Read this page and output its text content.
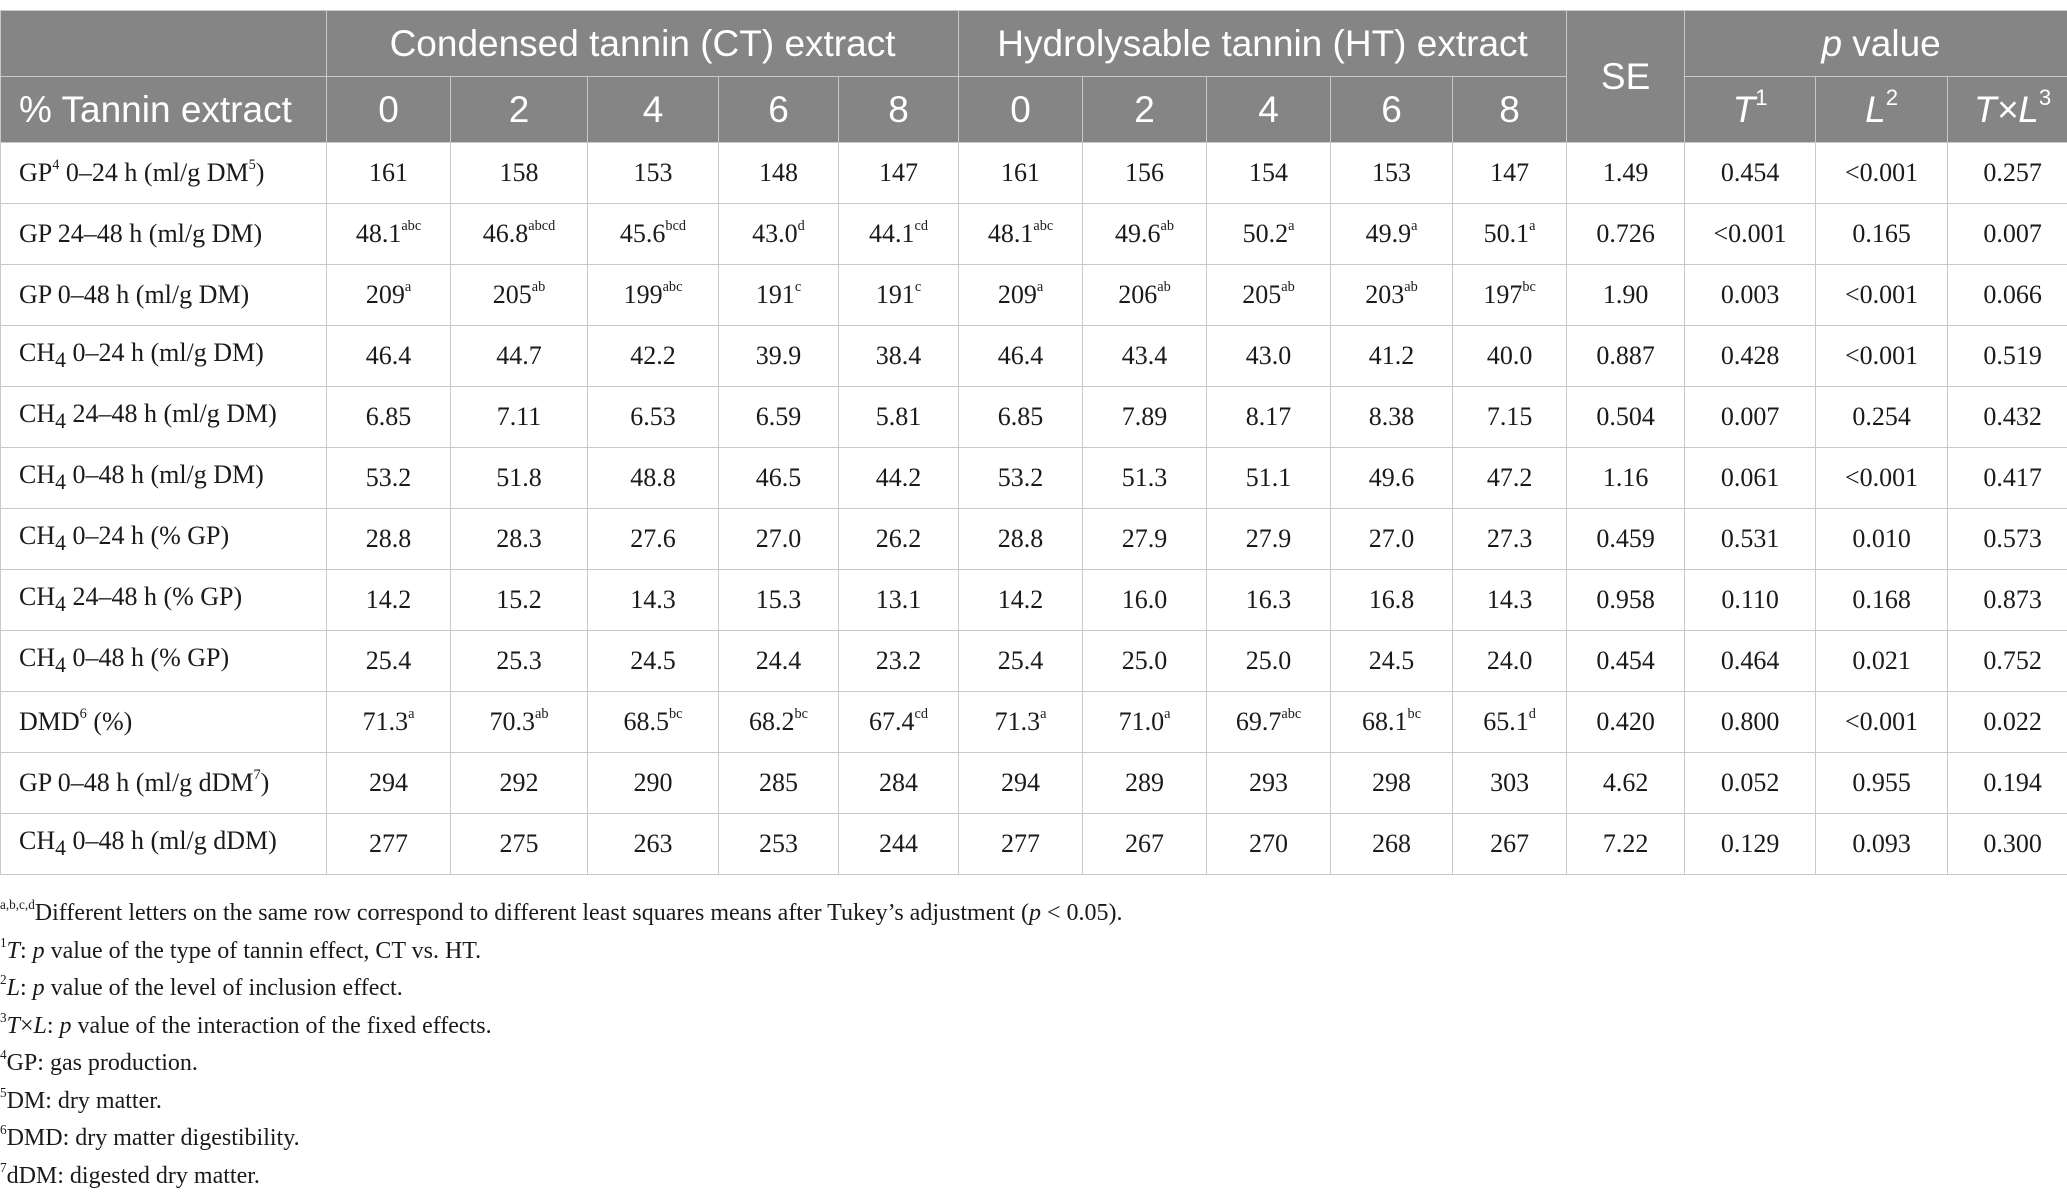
	Condensed tannin (CT) extract					Hydrolysable tannin (HT) extract					SE	p value		
% Tannin extract	0	2	4	6	8	0	2	4	6	8		$T^1$	$L^2$	$T\times L^3$
$GP^4$ 0–24 h (ml/g $DM^5$)	161	158	153	148	147	161	156	154	153	147	1.49	0.454	<0.001	0.257
GP 24–48 h (ml/g DM)	48.1$^{abc}$	$46.8^{abcd}$	45.6$^{bcd}$	43.0$^d$	44.1$^{cd}$	48.1$^{abc}$	49.6$^{ab}$	50.2$^a$	49.9$^a$	50.1$^a$	0.726	<0.001	0.165	0.007
GP 0–48 h (ml/g DM)	209$^a$	$205^{ab}$	$199^{abc}$	191$^c$	191$^c$	209$^a$	$206^{ab}$	$205^{ab}$	$203^{ab}$	$197^{bc}$	1.90	0.003	<0.001	0.066
$CH_4$ 0–24 h (ml/g DM)	46.4	44.7	42.2	39.9	38.4	46.4	43.4	43.0	41.2	40.0	0.887	0.428	<0.001	0.519
$CH_4$ 24–48 h (ml/g DM)	6.85	7.11	6.53	6.59	5.81	6.85	7.89	8.17	8.38	7.15	0.504	0.007	0.254	0.432
$CH_4$ 0–48 h (ml/g DM)	53.2	51.8	48.8	46.5	44.2	53.2	51.3	51.1	49.6	47.2	1.16	0.061	<0.001	0.417
$CH_4$ 0–24 h (% GP)	28.8	28.3	27.6	27.0	26.2	28.8	27.9	27.9	27.0	27.3	0.459	0.531	0.010	0.573
$CH_4$ 24–48 h (% GP)	14.2	15.2	14.3	15.3	13.1	14.2	16.0	16.3	16.8	14.3	0.958	0.110	0.168	0.873
$CH_4$ 0–48 h (% GP)	25.4	25.3	24.5	24.4	23.2	25.4	25.0	25.0	24.5	24.0	0.454	0.464	0.021	0.752
DMD$^6$ (%)	71.3$^a$	70.3$^{ab}$	68.5$^{bc}$	68.2$^{bc}$	67.4$^{cd}$	71.3$^a$	71.0$^a$	69.7$^{abc}$	68.1$^{bc}$	65.1$^d$	0.420	0.800	<0.001	0.022
GP 0–48 h (ml/g dDM$^7$)	294	292	290	285	284	294	289	293	298	303	4.62	0.052	0.955	0.194
$CH_4$ 0–48 h (ml/g dDM)	277	275	263	253	244	277	267	270	268	267	7.22	0.129	0.093	0.300

$^{a,b,c,d}$Different letters on the same row correspond to different least squares means after Tukey’s adjustment (p < 0.05).

$^1$T: p value of the type of tannin effect, CT vs. HT.

$^2$L: p value of the level of inclusion effect.

$^3$T×L: p value of the interaction of the fixed effects.

$^4$GP: gas production.

$^5$DM: dry matter.

$^6$DMD: dry matter digestibility.

$^7$dDM: digested dry matter.
